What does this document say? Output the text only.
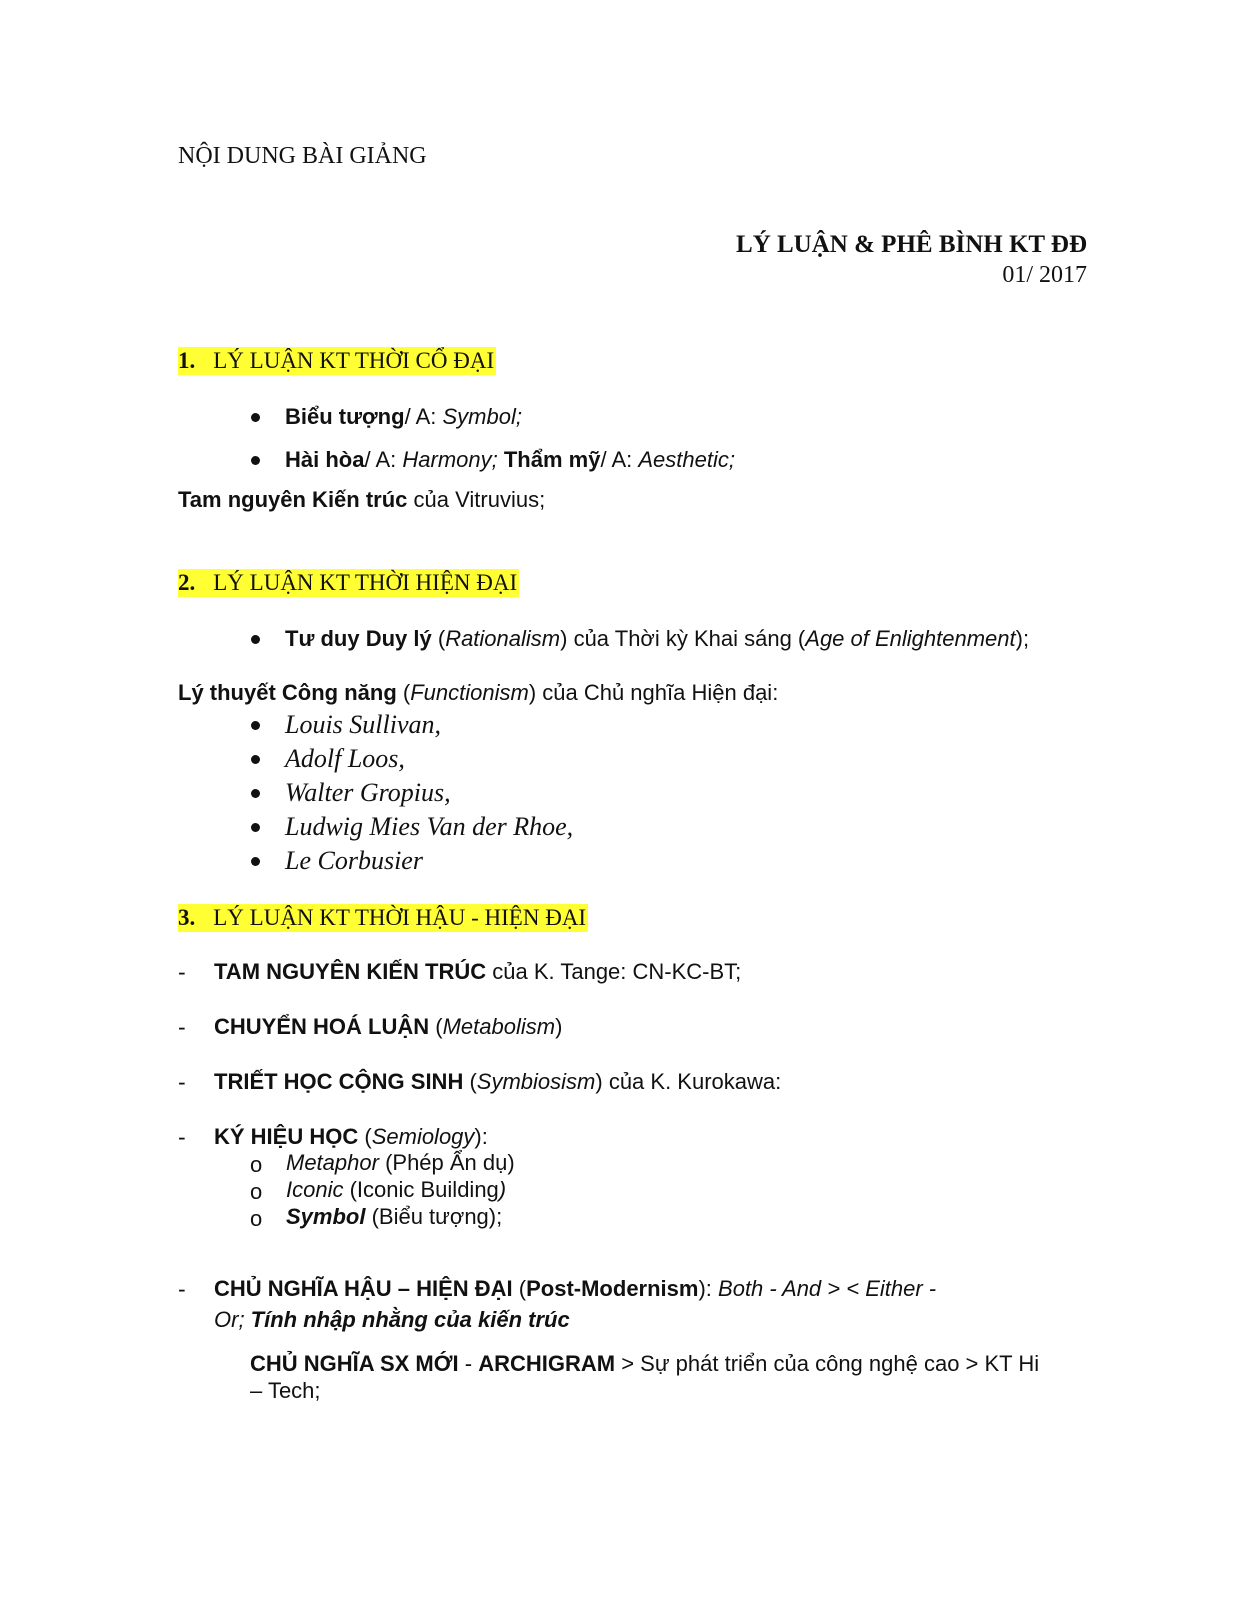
NỘI DUNG BÀI GIẢNG
LÝ LUẬN & PHÊ BÌNH KT ĐĐ
01/ 2017
1. LÝ LUẬN KT THỜI CỔ ĐẠI
Biểu tượng/ A: Symbol;
Hài hòa/ A: Harmony; Thẩm mỹ/ A: Aesthetic;
Tam nguyên Kiến trúc của Vitruvius;
2. LÝ LUẬN KT THỜI HIỆN ĐẠI
Tư duy Duy lý (Rationalism) của Thời kỳ Khai sáng (Age of Enlightenment);
Lý thuyết Công năng (Functionism) của Chủ nghĩa Hiện đại:
Louis Sullivan,
Adolf Loos,
Walter Gropius,
Ludwig Mies Van der Rhoe,
Le Corbusier
3. LÝ LUẬN KT THỜI HẬU - HIỆN ĐẠI
- TAM NGUYÊN KIẾN TRÚC của K. Tange: CN-KC-BT;
- CHUYỂN HOÁ LUẬN (Metabolism)
- TRIẾT HỌC CỘNG SINH (Symbiosism) của K. Kurokawa:
- KÝ HIỆU HỌC (Semiology):
o Metaphor (Phép Ẩn dụ)
o Iconic (Iconic Building)
o Symbol (Biểu tượng);
- CHỦ NGHĨA HẬU – HIỆN ĐẠI (Post-Modernism): Both - And > < Either -
Or; Tính nhập nhằng của kiến trúc
CHỦ NGHĨA SX MỚI - ARCHIGRAM > Sự phát triển của công nghệ cao > KT Hi
– Tech;
